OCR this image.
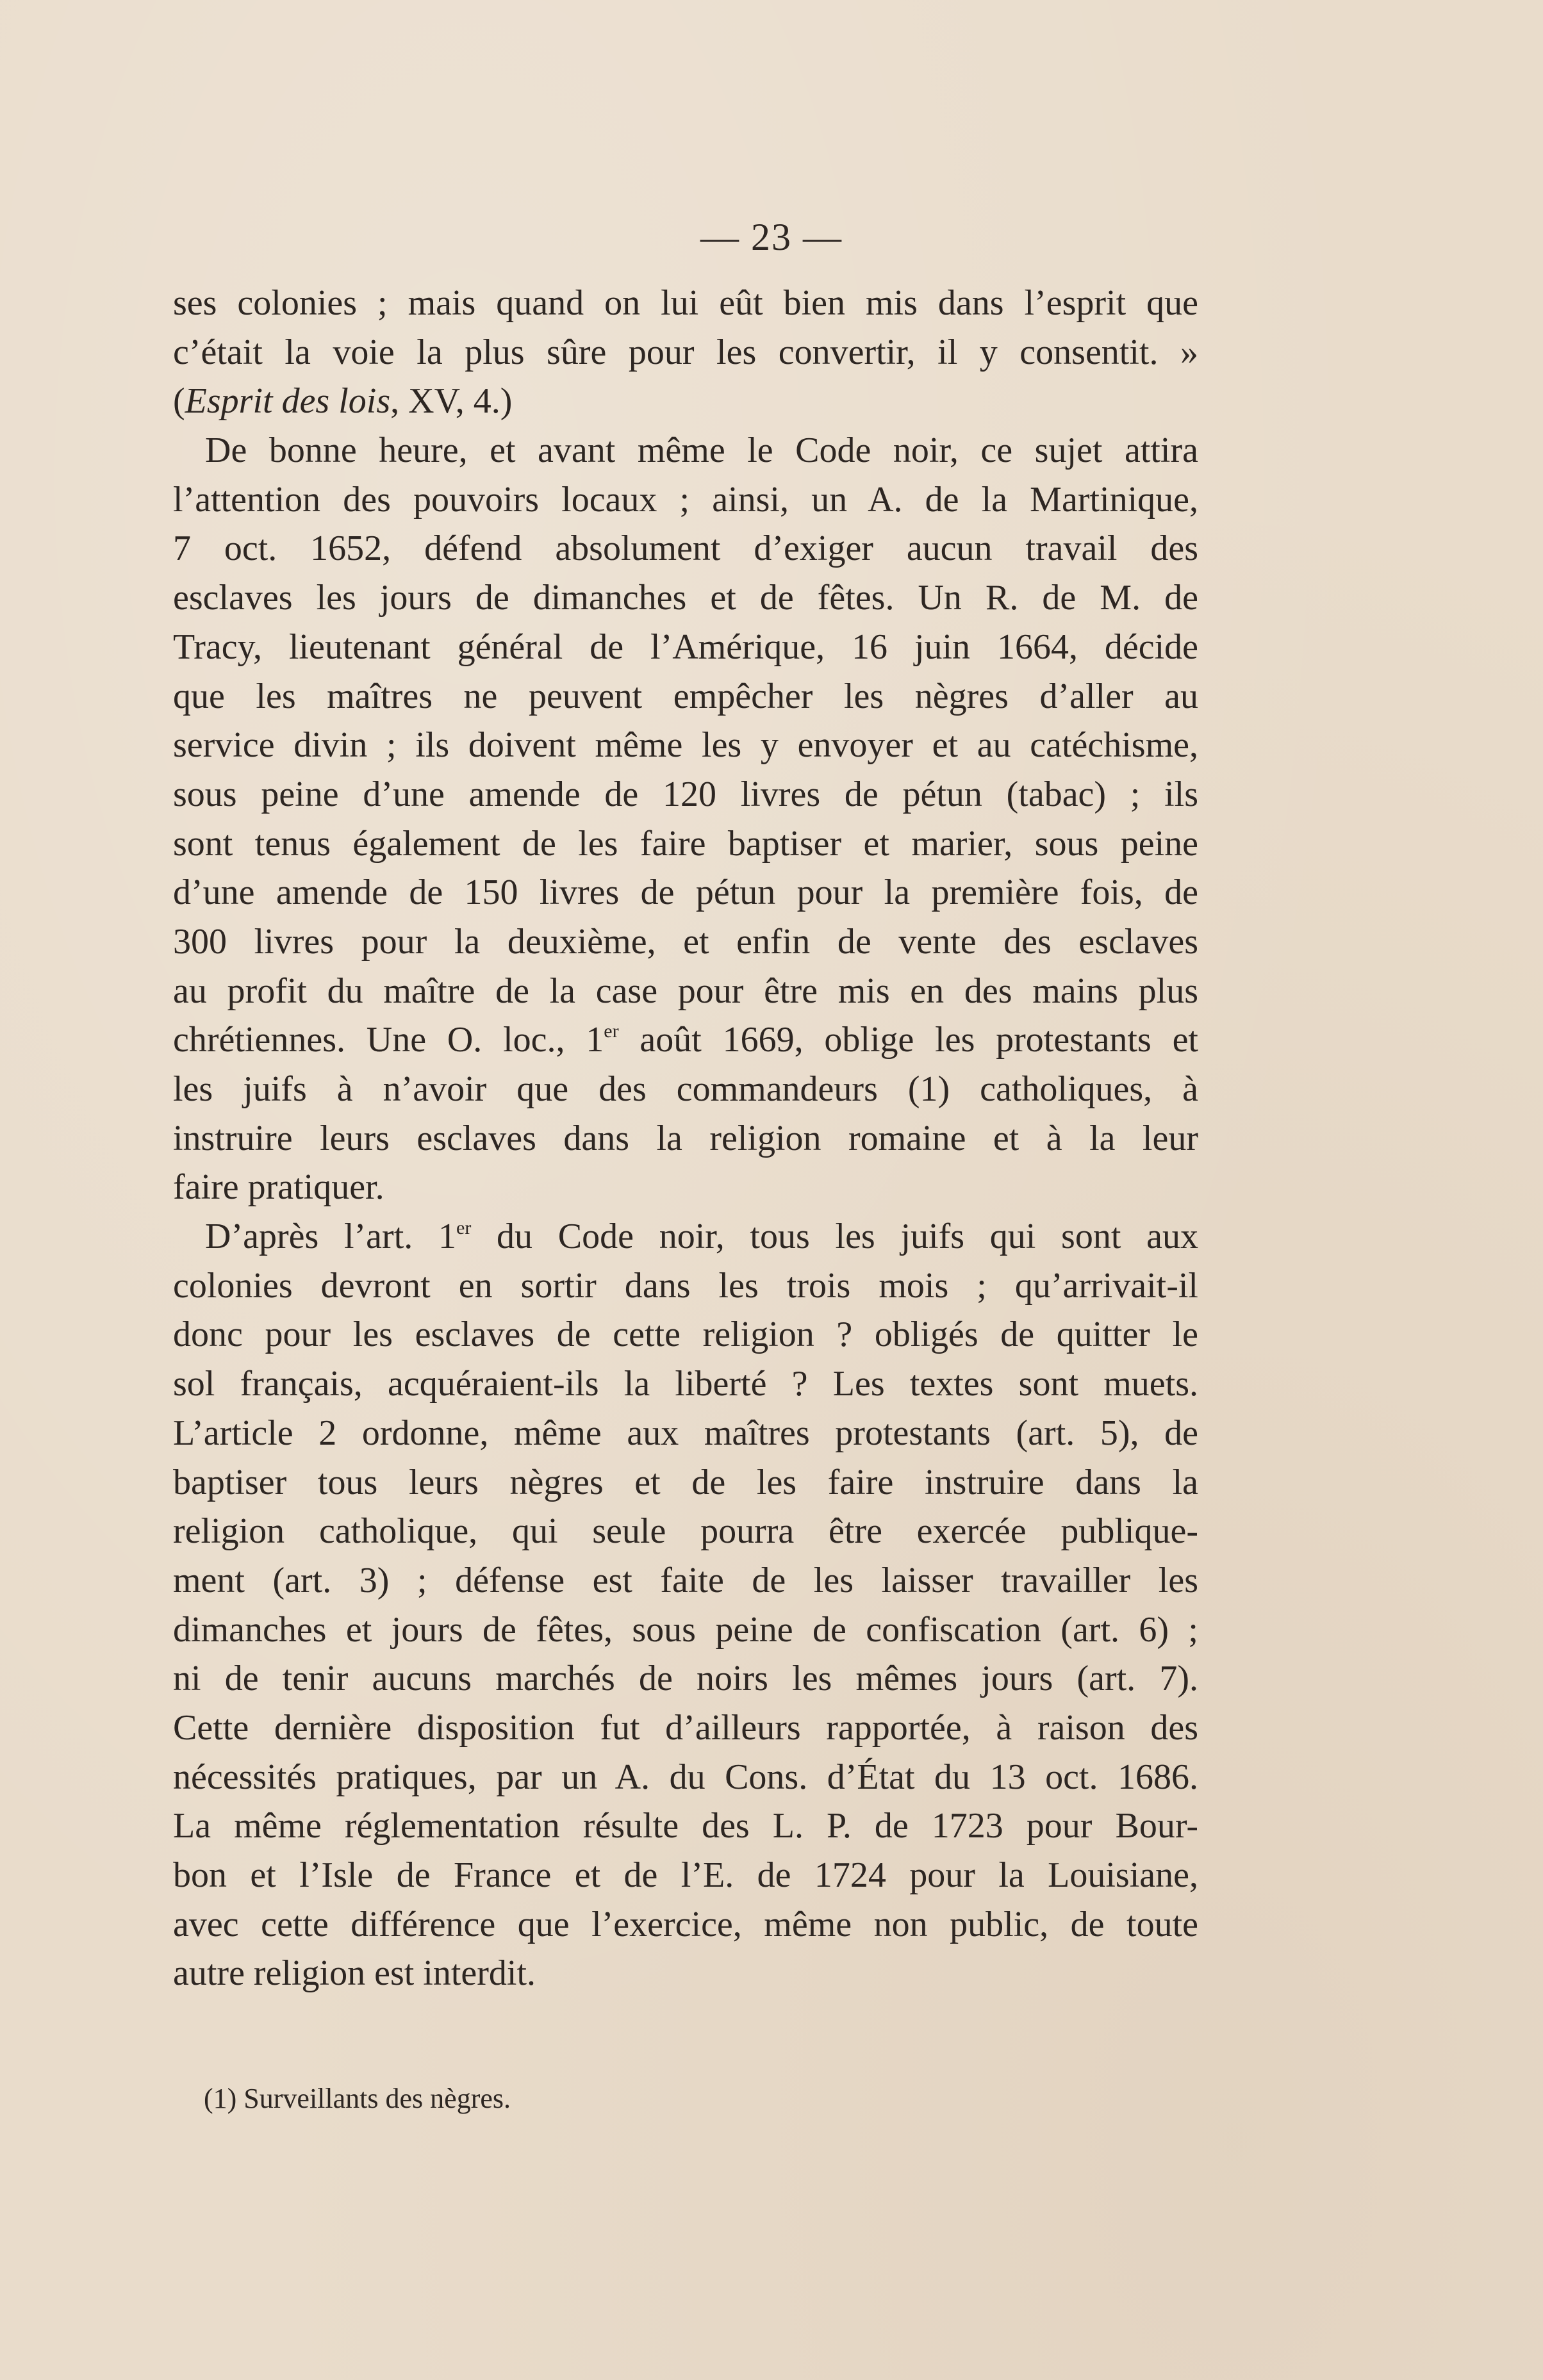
— 23 —
ses colonies ; mais quand on lui eût bien mis dans l’esprit que
c’était la voie la plus sûre pour les convertir, il y consentit. »
(Esprit des lois, XV, 4.)
De bonne heure, et avant même le Code noir, ce sujet attira
l’attention des pouvoirs locaux ; ainsi, un A. de la Martinique,
7 oct. 1652, défend absolument d’exiger aucun travail des
esclaves les jours de dimanches et de fêtes. Un R. de M. de
Tracy, lieutenant général de l’Amérique, 16 juin 1664, décide
que les maîtres ne peuvent empêcher les nègres d’aller au
service divin ; ils doivent même les y envoyer et au catéchisme,
sous peine d’une amende de 120 livres de pétun (tabac) ; ils
sont tenus également de les faire baptiser et marier, sous peine
d’une amende de 150 livres de pétun pour la première fois, de
300 livres pour la deuxième, et enfin de vente des esclaves
au profit du maître de la case pour être mis en des mains plus
chrétiennes. Une O. loc., 1er août 1669, oblige les protestants et
les juifs à n’avoir que des commandeurs (1) catholiques, à
instruire leurs esclaves dans la religion romaine et à la leur
faire pratiquer.
D’après l’art. 1er du Code noir, tous les juifs qui sont aux
colonies devront en sortir dans les trois mois ; qu’arrivait-il
donc pour les esclaves de cette religion ? obligés de quitter le
sol français, acquéraient-ils la liberté ? Les textes sont muets.
L’article 2 ordonne, même aux maîtres protestants (art. 5), de
baptiser tous leurs nègres et de les faire instruire dans la
religion catholique, qui seule pourra être exercée publique-
ment (art. 3) ; défense est faite de les laisser travailler les
dimanches et jours de fêtes, sous peine de confiscation (art. 6) ;
ni de tenir aucuns marchés de noirs les mêmes jours (art. 7).
Cette dernière disposition fut d’ailleurs rapportée, à raison des
nécessités pratiques, par un A. du Cons. d’État du 13 oct. 1686.
La même réglementation résulte des L. P. de 1723 pour Bour-
bon et l’Isle de France et de l’E. de 1724 pour la Louisiane,
avec cette différence que l’exercice, même non public, de toute
autre religion est interdit.
(1) Surveillants des nègres.
